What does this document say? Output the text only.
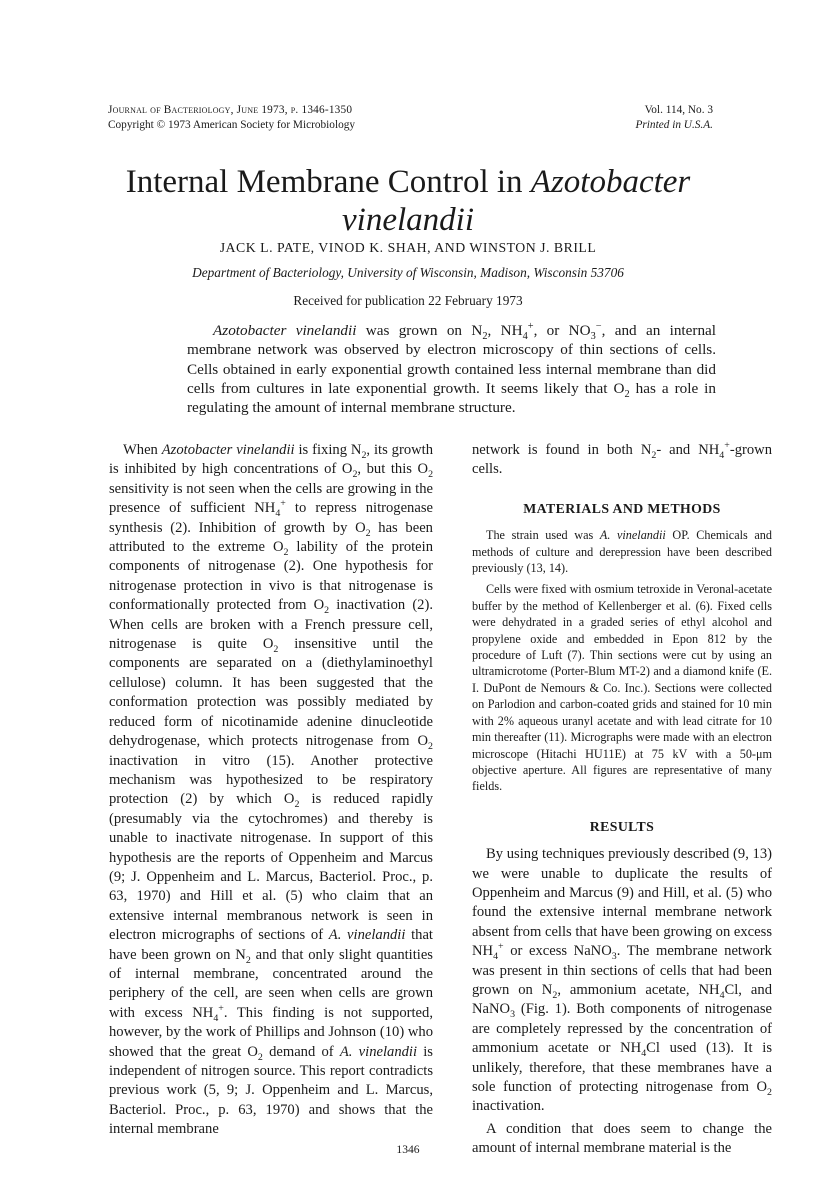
Journal of Bacteriology, June 1973, p. 1346-1350
Copyright © 1973 American Society for Microbiology
Vol. 114, No. 3
Printed in U.S.A.
Internal Membrane Control in Azotobacter vinelandii
JACK L. PATE, VINOD K. SHAH, AND WINSTON J. BRILL
Department of Bacteriology, University of Wisconsin, Madison, Wisconsin 53706
Received for publication 22 February 1973

Azotobacter vinelandii was grown on $N_2$, $NH_4^+$, or $NO_3^-$, and an internal membrane network was observed by electron microscopy of thin sections of cells. Cells obtained in early exponential growth contained less internal membrane than did cells from cultures in late exponential growth. It seems likely that $O_2$ has a role in regulating the amount of internal membrane structure.

When Azotobacter vinelandii is fixing $N_2$, its growth is inhibited by high concentrations of $O_2$, but this $O_2$ sensitivity is not seen when the cells are growing in the presence of sufficient $NH_4^+$ to repress nitrogenase synthesis (2). Inhibition of growth by $O_2$ has been attributed to the extreme $O_2$ lability of the protein components of nitrogenase (2). One hypothesis for nitrogenase protection in vivo is that nitrogenase is conformationally protected from $O_2$ inactivation (2). When cells are broken with a French pressure cell, nitrogenase is quite $O_2$ insensitive until the components are separated on a (diethylaminoethyl cellulose) column. It has been suggested that the conformation protection was possibly mediated by reduced form of nicotinamide adenine dinucleotide dehydrogenase, which protects nitrogenase from $O_2$ inactivation in vitro (15). Another protective mechanism was hypothesized to be respiratory protection (2) by which $O_2$ is reduced rapidly (presumably via the cytochromes) and thereby is unable to inactivate nitrogenase. In support of this hypothesis are the reports of Oppenheim and Marcus (9; J. Oppenheim and L. Marcus, Bacteriol. Proc., p. 63, 1970) and Hill et al. (5) who claim that an extensive internal membranous network is seen in electron micrographs of sections of A. vinelandii that have been grown on $N_2$ and that only slight quantities of internal membrane, concentrated around the periphery of the cell, are seen when cells are grown with excess $NH_4^+$. This finding is not supported, however, by the work of Phillips and Johnson (10) who showed that the great $O_2$ demand of A. vinelandii is independent of nitrogen source. This report contradicts previous work (5, 9; J. Oppenheim and L. Marcus, Bacteriol. Proc., p. 63, 1970) and shows that the internal membrane

network is found in both $N_2-$ and $NH_4^+$-grown cells.

MATERIALS AND METHODS

The strain used was A. vinelandii OP. Chemicals and methods of culture and derepression have been described previously (13, 14).

Cells were fixed with osmium tetroxide in Veronal-acetate buffer by the method of Kellenberger et al. (6). Fixed cells were dehydrated in a graded series of ethyl alcohol and propylene oxide and embedded in Epon 812 by the procedure of Luft (7). Thin sections were cut by using an ultramicrotome (Porter-Blum MT-2) and a diamond knife (E. I. DuPont de Nemours & Co. Inc.). Sections were collected on Parlodion and carbon-coated grids and stained for 10 min with 2% aqueous uranyl acetate and with lead citrate for 10 min thereafter (11). Micrographs were made with an electron microscope (Hitachi HU11E) at 75 kV with a 50-μm objective aperture. All figures are representative of many fields.

RESULTS

By using techniques previously described (9, 13) we were unable to duplicate the results of Oppenheim and Marcus (9) and Hill, et al. (5) who found the extensive internal membrane network absent from cells that have been growing on excess $NH_4^+$ or excess NaNO$_3$. The membrane network was present in thin sections of cells that had been grown on $N_2$, ammonium acetate, $NH_4Cl$, and NaNO$_3$ (Fig. 1). Both components of nitrogenase are completely repressed by the concentration of ammonium acetate or $NH_4Cl$ used (13). It is unlikely, therefore, that these membranes have a sole function of protecting nitrogenase from $O_2$ inactivation.

A condition that does seem to change the amount of internal membrane material is the

1346
